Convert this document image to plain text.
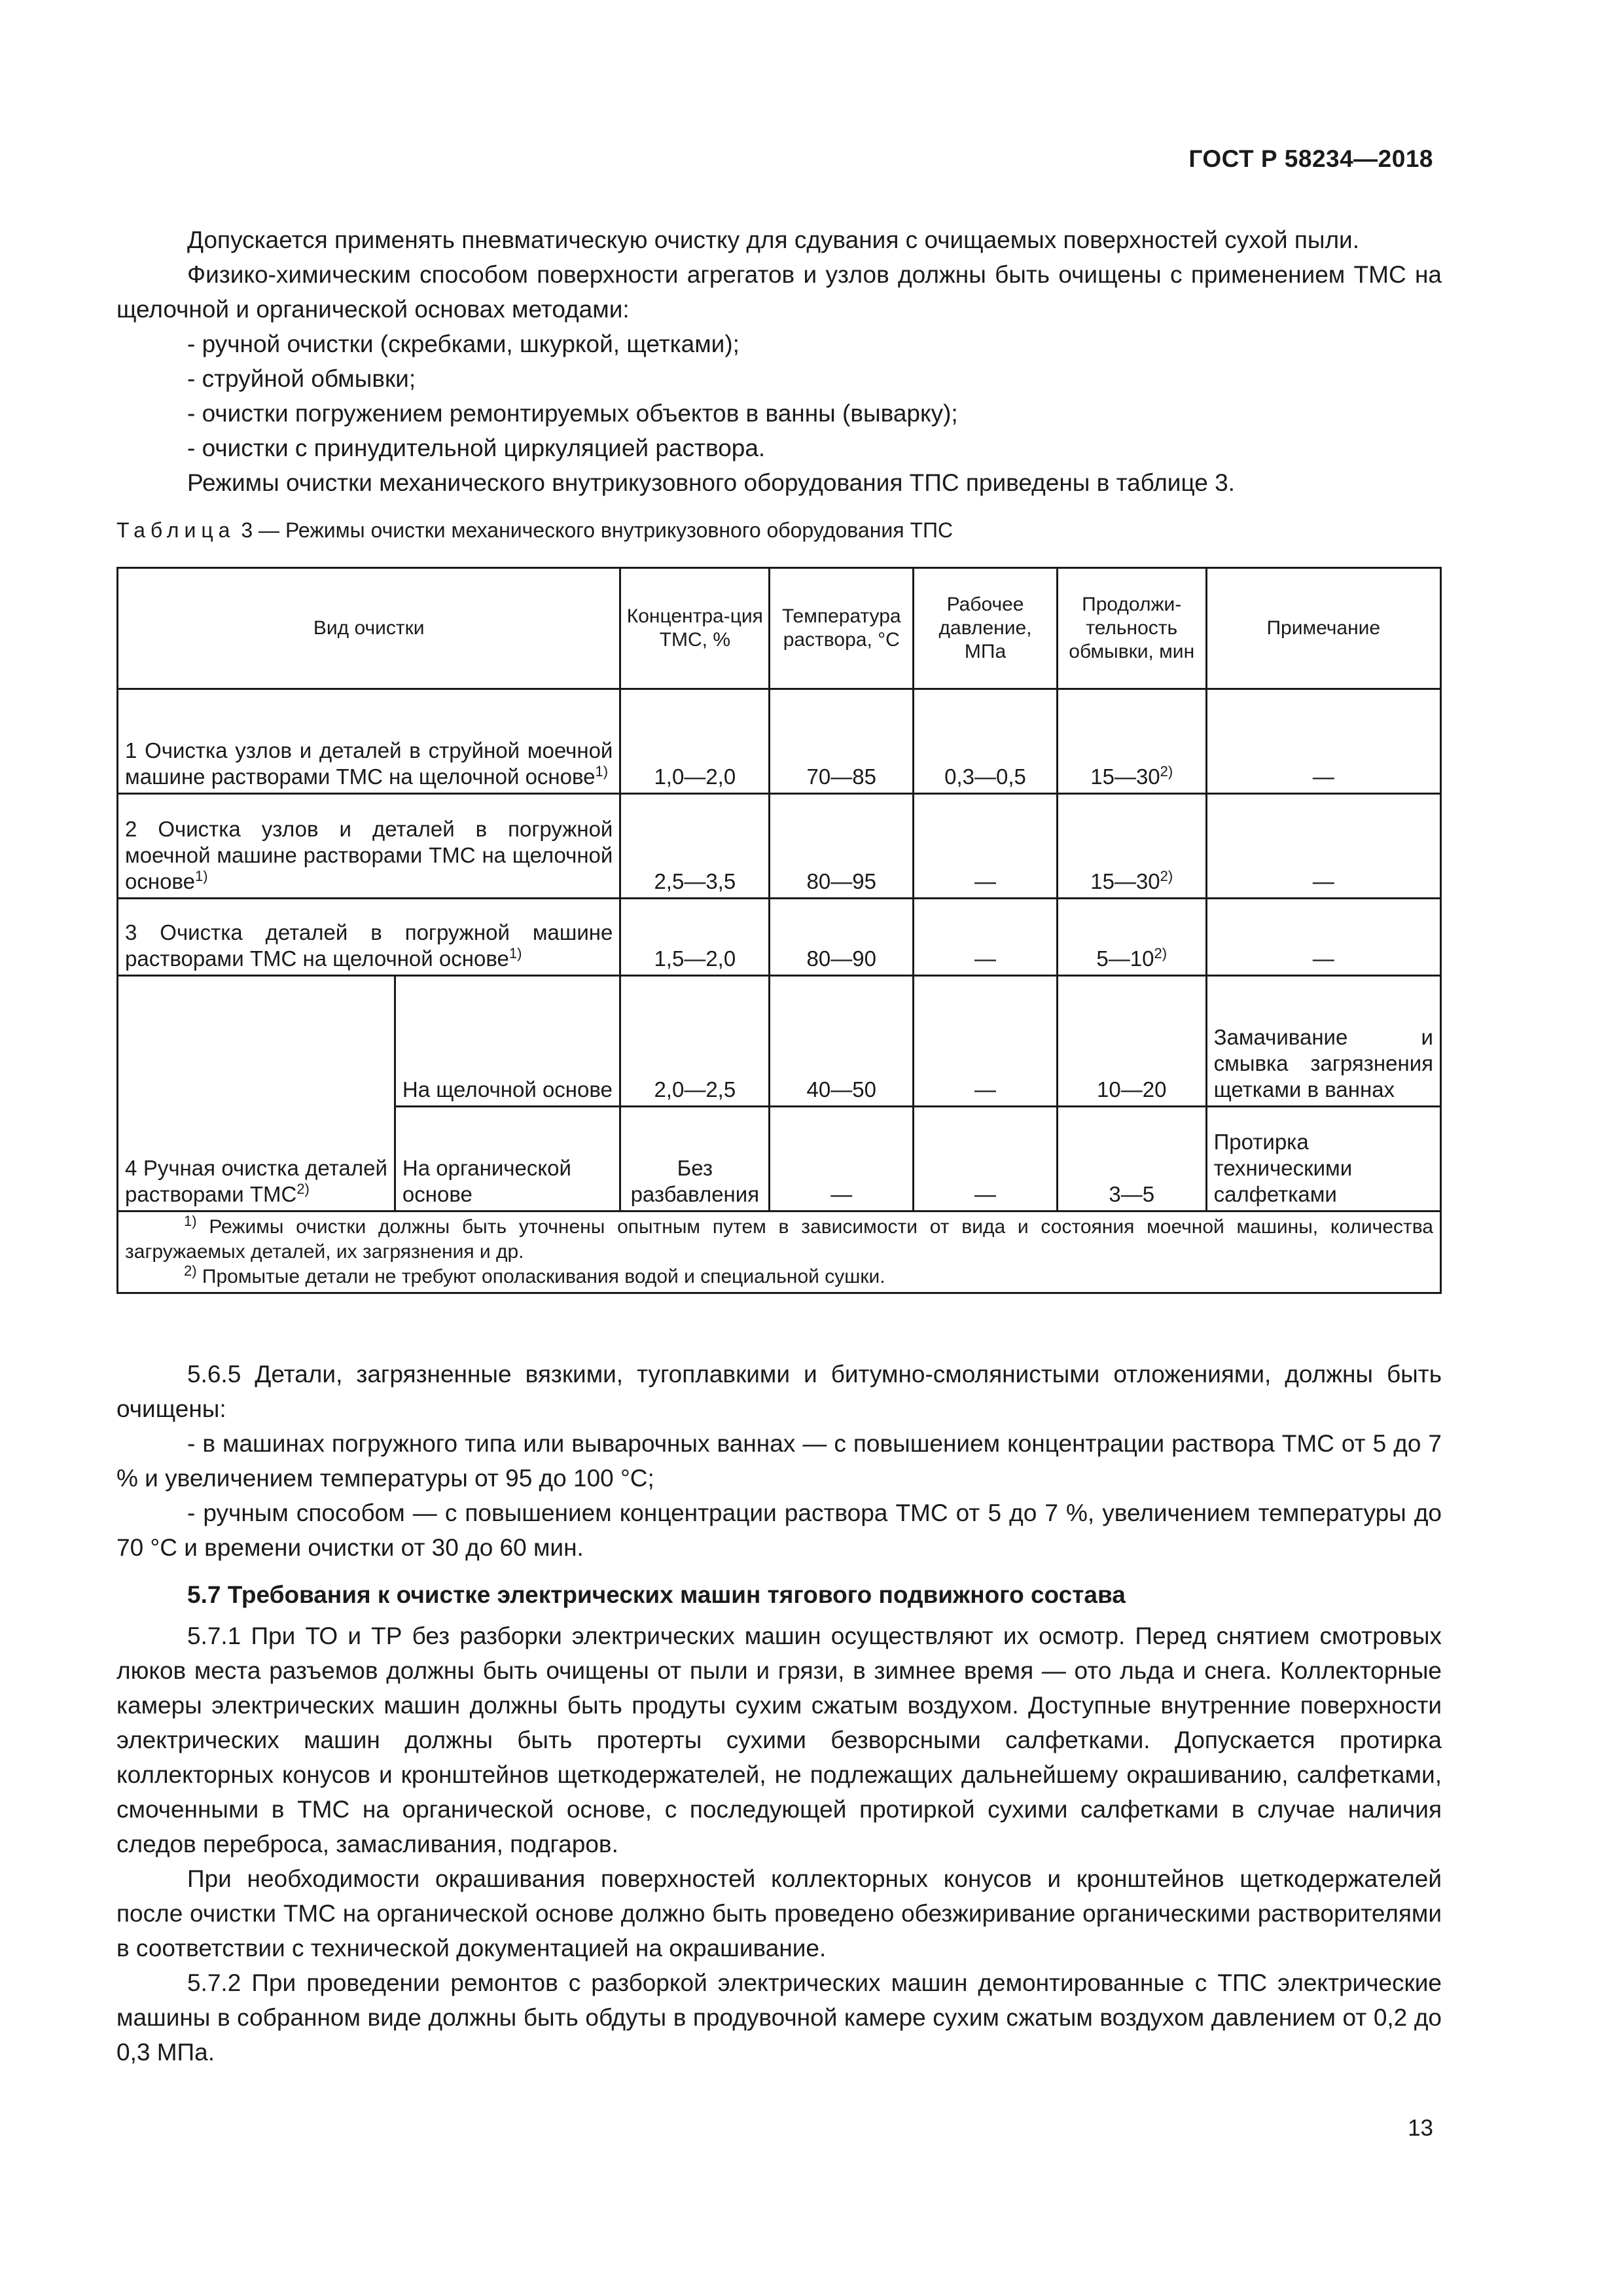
ГОСТ Р 58234—2018

Допускается применять пневматическую очистку для сдувания с очищаемых поверхностей сухой пыли.

Физико-химическим способом поверхности агрегатов и узлов должны быть очищены с применением ТМС на щелочной и органической основах методами:

- ручной очистки (скребками, шкуркой, щетками);

- струйной обмывки;

- очистки погружением ремонтируемых объектов в ванны (выварку);

- очистки с принудительной циркуляцией раствора.

Режимы очистки механического внутрикузовного оборудования ТПС приведены в таблице 3.

Таблица 3 — Режимы очистки механического внутрикузовного оборудования ТПС
Вид очистки		Концентра-ция ТМС, %	Температура раствора, °С	Рабочее давление, МПа	Продолжи-тельность обмывки, мин	Примечание
1 Очистка узлов и деталей в струйной моечной машине растворами ТМС на щелочной основе$^{1)}$		1,0—2,0	70—85	0,3—0,5	15—30$^{2)}$	—
2 Очистка узлов и деталей в погружной моечной машине растворами ТМС на щелочной основе$^{1)}$		2,5—3,5	80—95	—	15—30$^{2)}$	—
3 Очистка деталей в погружной машине растворами ТМС на щелочной основе$^{1)}$		1,5—2,0	80—90	—	5—10$^{2)}$	—
4 Ручная очистка деталей растворами ТМС$^{2)}$	На щелочной основе	2,0—2,5	40—50	—	10—20	Замачивание и смывка загрязнения щетками в ваннах
	На органической основе	Без разбавления	—	—	3—5	Протирка техническими салфетками

$^{1)}$ Режимы очистки должны быть уточнены опытным путем в зависимости от вида и состояния моечной машины, количества загружаемых деталей, их загрязнения и др.

$^{2)}$ Промытые детали не требуют ополаскивания водой и специальной сушки.						

5.6.5 Детали, загрязненные вязкими, тугоплавкими и битумно-смолянистыми отложениями, должны быть очищены:

- в машинах погружного типа или выварочных ваннах — с повышением концентрации раствора ТМС от 5 до 7 % и увеличением температуры от 95 до 100 °С;

- ручным способом — с повышением концентрации раствора ТМС от 5 до 7 %, увеличением температуры до 70 °С и времени очистки от 30 до 60 мин.

5.7 Требования к очистке электрических машин тягового подвижного состава

5.7.1 При ТО и ТР без разборки электрических машин осуществляют их осмотр. Перед снятием смотровых люков места разъемов должны быть очищены от пыли и грязи, в зимнее время — ото льда и снега. Коллекторные камеры электрических машин должны быть продуты сухим сжатым воздухом. Доступные внутренние поверхности электрических машин должны быть протерты сухими безворсными салфетками. Допускается протирка коллекторных конусов и кронштейнов щеткодержателей, не подлежащих дальнейшему окрашиванию, салфетками, смоченными в ТМС на органической основе, с последующей протиркой сухими салфетками в случае наличия следов переброса, замасливания, подгаров.

При необходимости окрашивания поверхностей коллекторных конусов и кронштейнов щеткодержателей после очистки ТМС на органической основе должно быть проведено обезжиривание органическими растворителями в соответствии с технической документацией на окрашивание.

5.7.2 При проведении ремонтов с разборкой электрических машин демонтированные с ТПС электрические машины в собранном виде должны быть обдуты в продувочной камере сухим сжатым воздухом давлением от 0,2 до 0,3 МПа.

13
